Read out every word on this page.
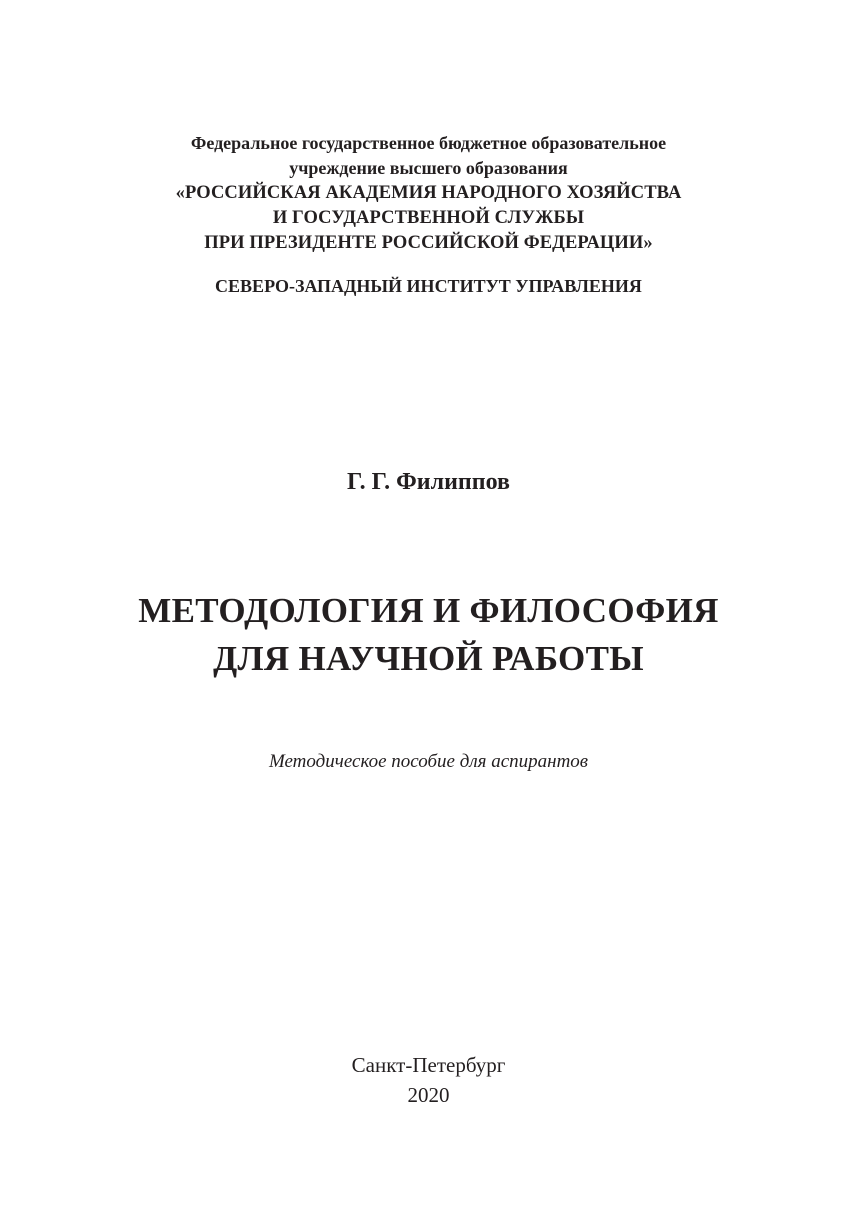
Федеральное государственное бюджетное образовательное
учреждение высшего образования
«РОССИЙСКАЯ АКАДЕМИЯ НАРОДНОГО ХОЗЯЙСТВА
И ГОСУДАРСТВЕННОЙ СЛУЖБЫ
ПРИ ПРЕЗИДЕНТЕ РОССИЙСКОЙ ФЕДЕРАЦИИ»
СЕВЕРО-ЗАПАДНЫЙ ИНСТИТУТ УПРАВЛЕНИЯ
Г. Г. Филиппов
МЕТОДОЛОГИЯ И ФИЛОСОФИЯ
ДЛЯ НАУЧНОЙ РАБОТЫ
Методическое пособие для аспирантов
Санкт-Петербург
2020
